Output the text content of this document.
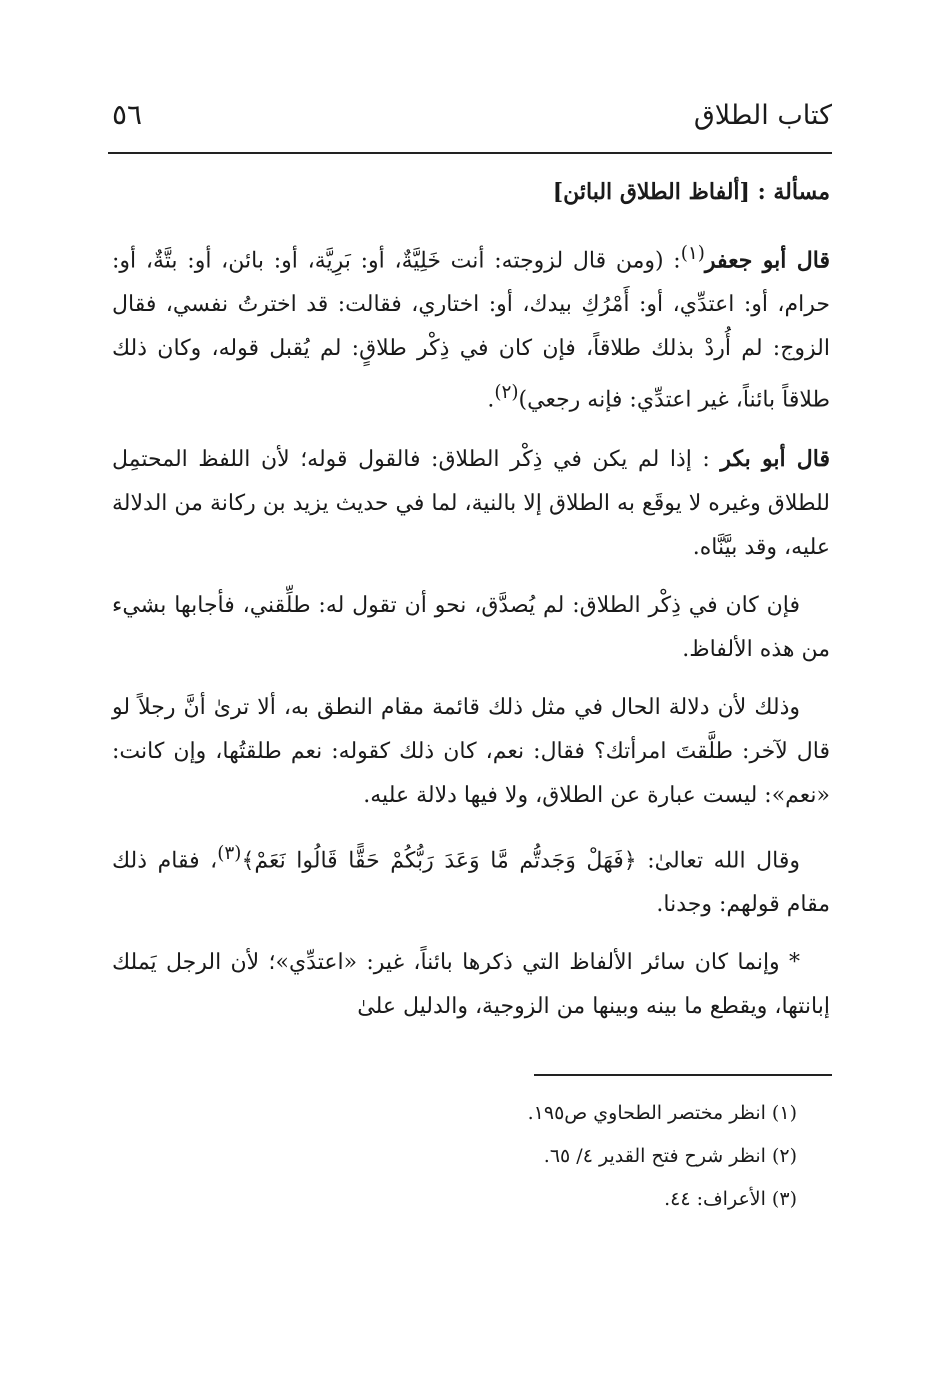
كتاب الطلاق
٥٦
مسألة : [ألفاظ الطلاق البائن]

قال أبو جعفر$^{(١)}$: (ومن قال لزوجته: أنت خَلِيَّةٌ، أو: بَرِيَّة، أو: بائن، أو: بتَّةٌ، أو: حرام، أو: اعتدِّي، أو: أَمْرُكِ بيدك، أو: اختاري، فقالت: قد اخترتُ نفسي، فقال الزوج: لم أُردْ بذلك طلاقاً، فإن كان في ذِكْر طلاقٍ: لم يُقبل قوله، وكان ذلك طلاقاً بائناً، غير اعتدِّي: فإنه رجعي)$^{(٢)}$.

قال أبو بكر : إذا لم يكن في ذِكْر الطلاق: فالقول قوله؛ لأن اللفظ المحتمِل للطلاق وغيره لا يوقَع به الطلاق إلا بالنية، لما في حديث يزيد بن ركانة من الدلالة عليه، وقد بيَّنَّاه.

فإن كان في ذِكْر الطلاق: لم يُصدَّق، نحو أن تقول له: طلِّقني، فأجابها بشيء من هذه الألفاظ.

وذلك لأن دلالة الحال في مثل ذلك قائمة مقام النطق به، ألا ترىٰ أنَّ رجلاً لو قال لآخر: طلَّقتَ امرأتك؟ فقال: نعم، كان ذلك كقوله: نعم طلقتُها، وإن كانت: «نعم»: ليست عبارة عن الطلاق، ولا فيها دلالة عليه.

وقال الله تعالىٰ: ﴿فَهَلْ وَجَدتُّم مَّا وَعَدَ رَبُّكُمْ حَقًّا قَالُوا نَعَمْ﴾$^{(٣)}$، فقام ذلك مقام قولهم: وجدنا.

* وإنما كان سائر الألفاظ التي ذكرها بائناً، غير: «اعتدِّي»؛ لأن الرجل يَملك إبانتها، ويقطع ما بينه وبينها من الزوجية، والدليل علىٰ

(١) انظر مختصر الطحاوي ص١٩٥.
(٢) انظر شرح فتح القدير ٤/ ٦٥.
(٣) الأعراف: ٤٤.
